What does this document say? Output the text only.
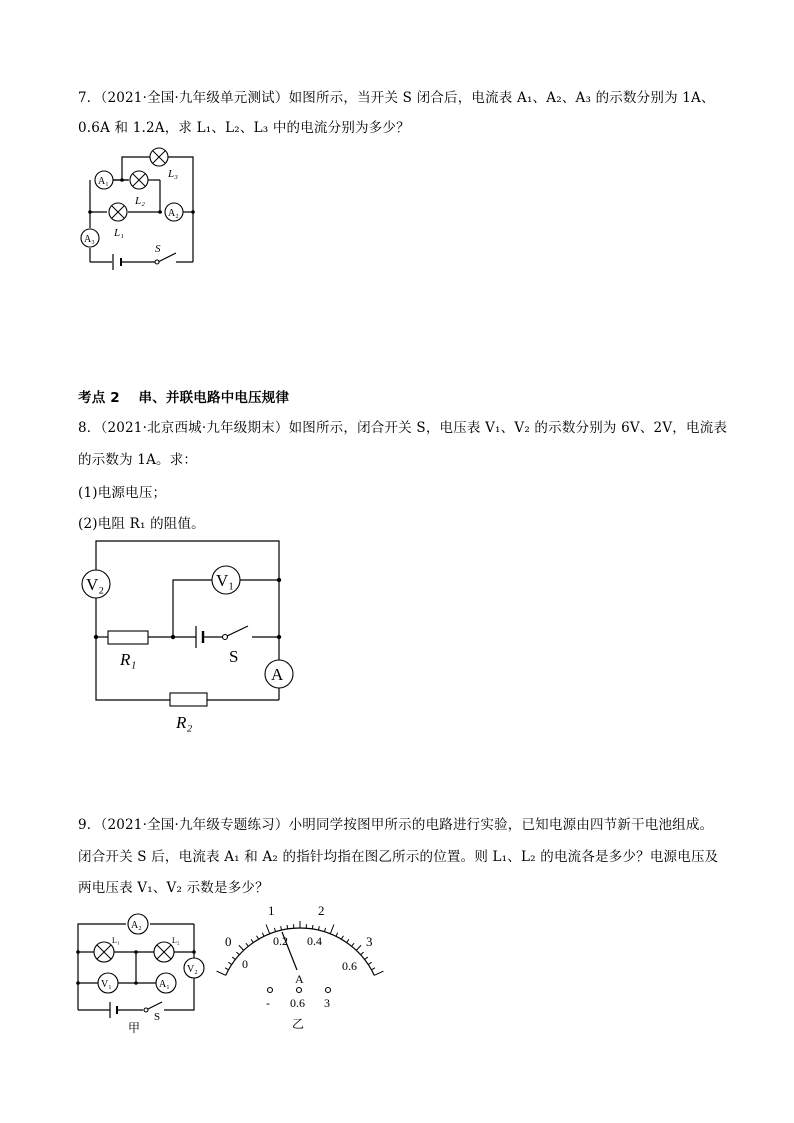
7．（2021·全国·九年级单元测试）如图所示，当开关 S 闭合后，电流表 A₁、A₂、A₃ 的示数分别为 1A、
0.6A 和 1.2A，求 L₁、L₂、L₃ 中的电流分别为多少？
A₁
L₂
L₃
L₁
A₂
A₃
S
考点 2　 串、并联电路中电压规律
8．（2021·北京西城·九年级期末）如图所示，闭合开关 S，电压表 V₁、V₂ 的示数分别为 6V、2V，电流表
的示数为 1A。求：
(1)电源电压；
(2)电阻 R₁ 的阻值。
V₂	V₁
R₁	S
A
R₂
9．（2021·全国·九年级专题练习）小明同学按图甲所示的电路进行实验，已知电源由四节新干电池组成。
闭合开关 S 后，电流表 A₁ 和 A₂ 的指针均指在图乙所示的位置。则 L₁、L₂ 的电流各是多少？电源电压及
两电压表 V₁、V₂ 示数是多少？
A₂
L₁	L₂
V₁	A₁
V₂
S
甲
0
1	2
3
0
0.2 0.4
0.6
A
- 0.6 3
乙
